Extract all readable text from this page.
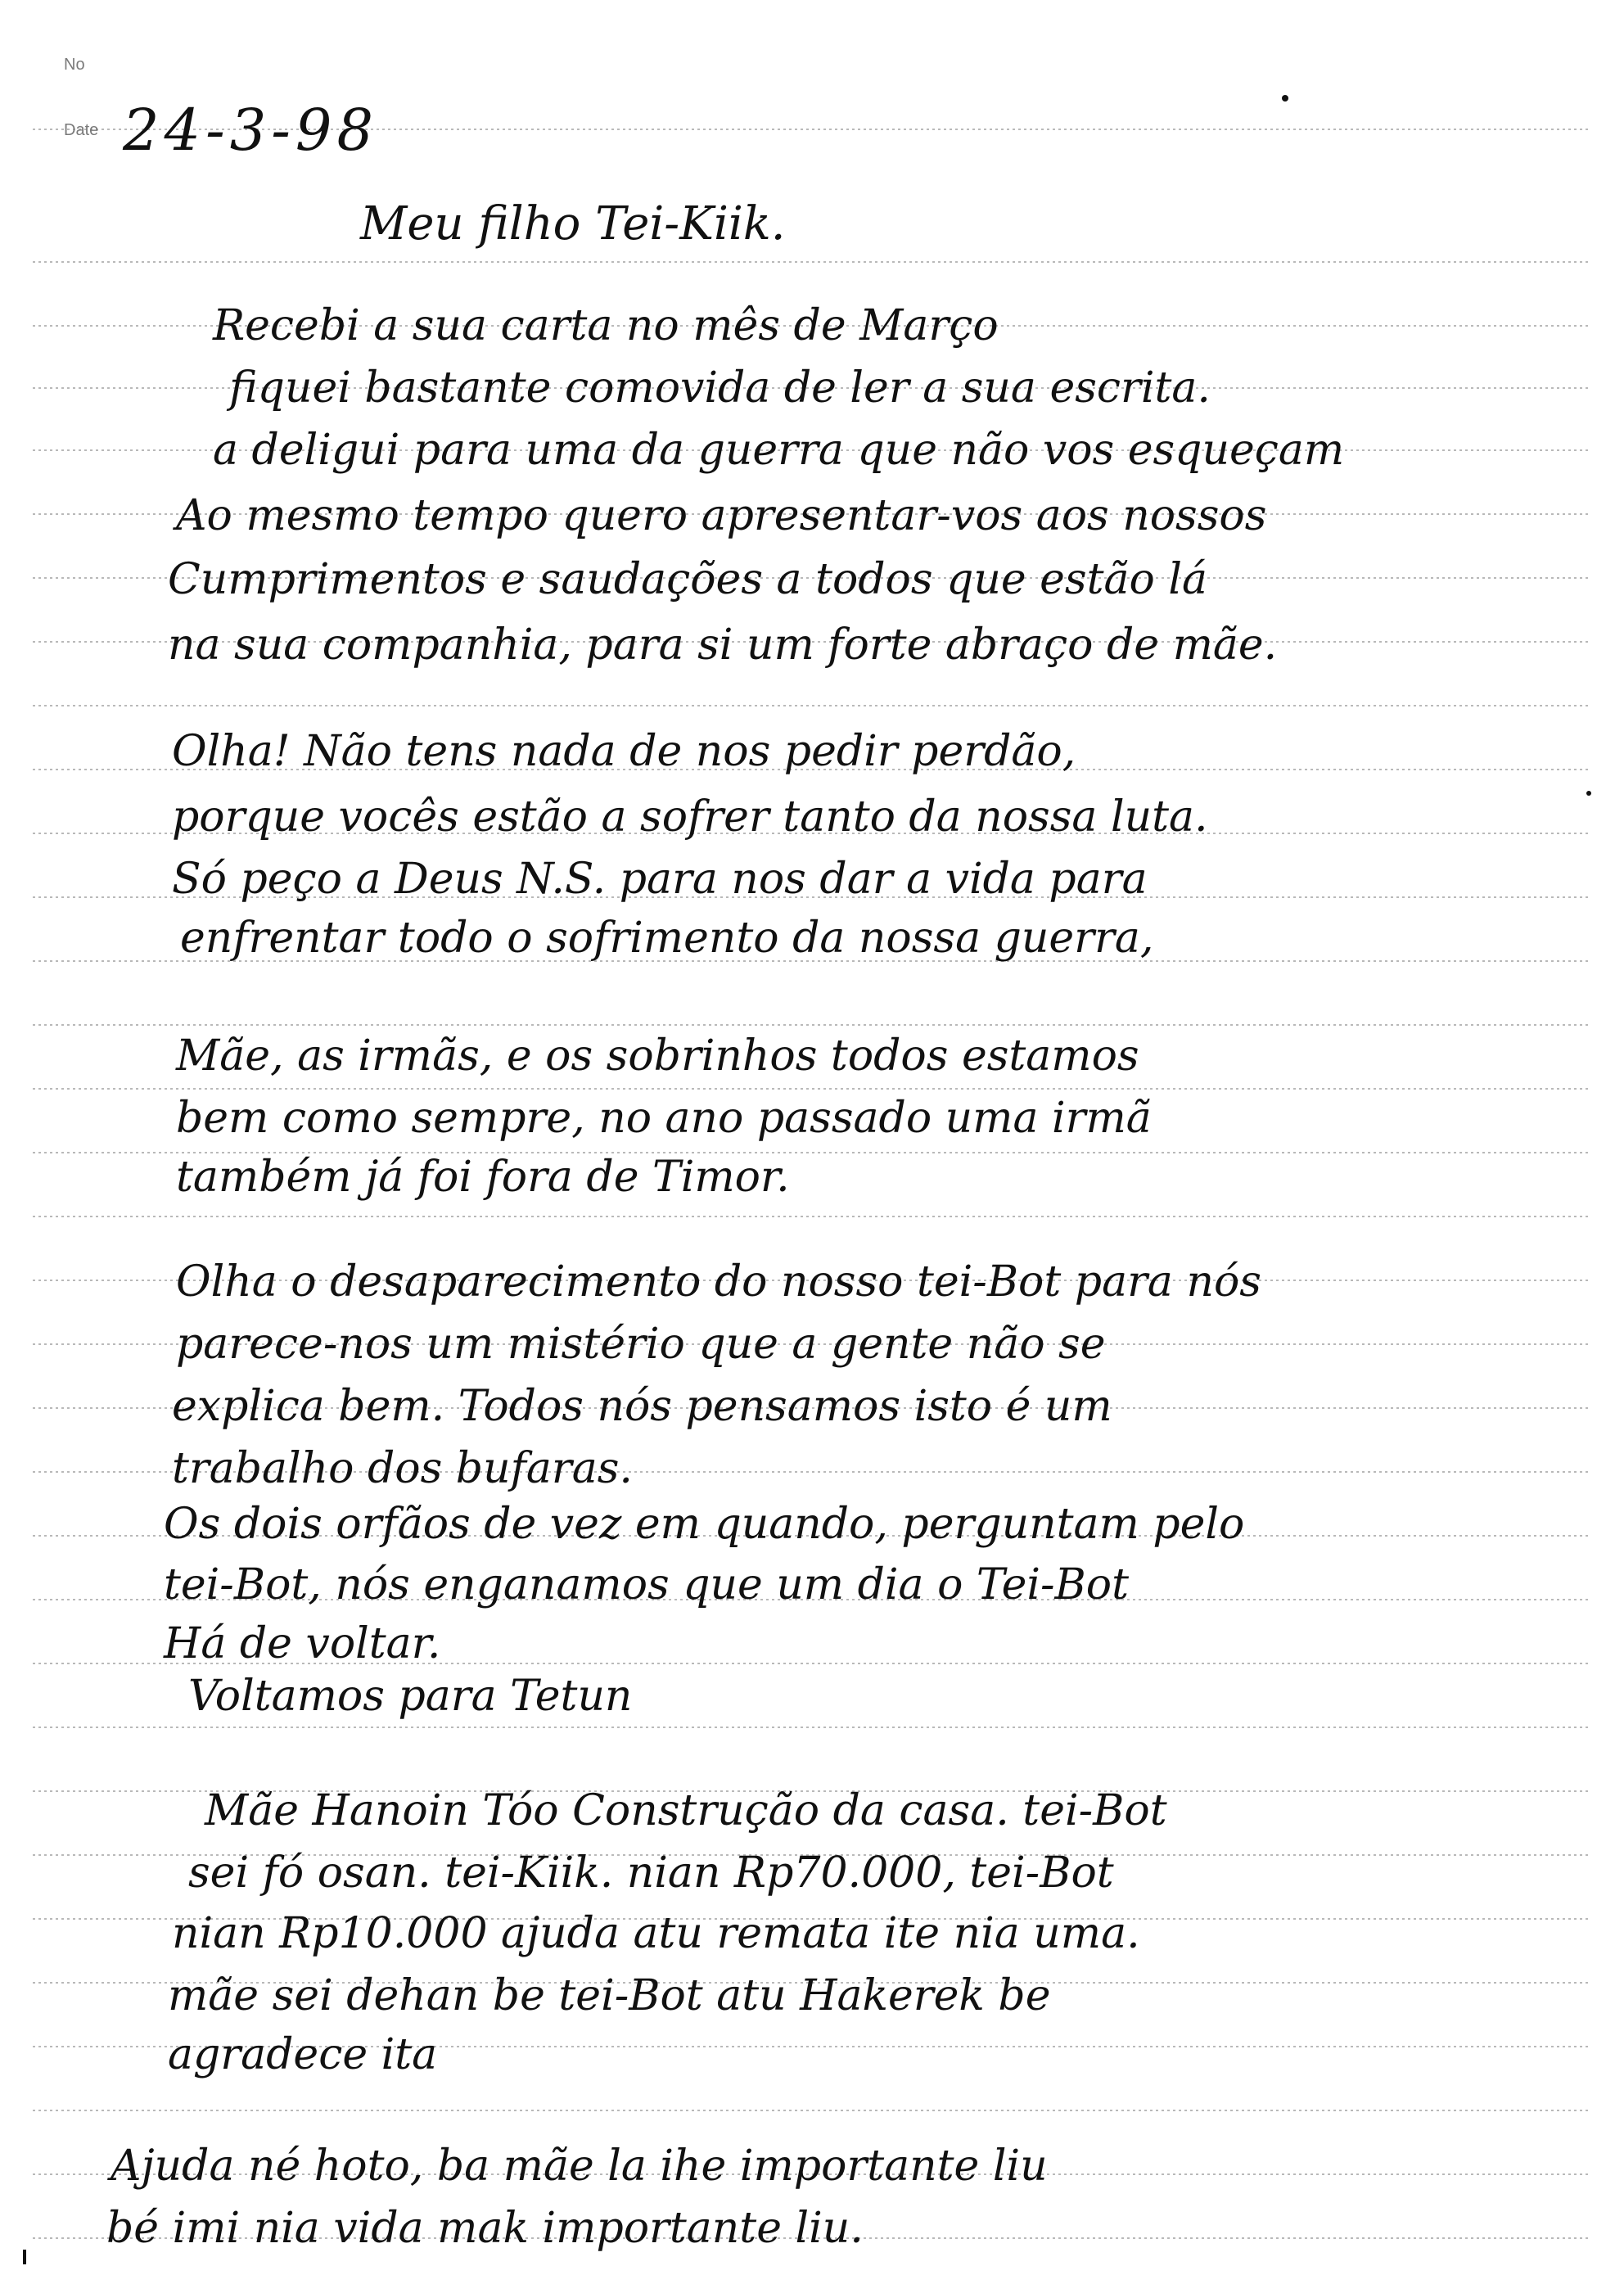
No
Date 24-3-98
Meu filho Tei-Kiik.
Recebi a sua carta no mês de Março
fiquei bastante comovida de ler a sua escrita.
a deligui para uma da guerra que não vos esqueçam
Ao mesmo tempo quero apresentar-vos aos nossos
Cumprimentos e saudações a todos que estão lá
na sua companhia, para si um forte abraço de mãe.
Olha! Não tens nada de nos pedir perdão,
porque vocês estão a sofrer tanto da nossa luta.
Só peço a Deus N.S. para nos dar a vida para
enfrentar todo o sofrimento da nossa guerra,
Mãe, as irmãs, e os sobrinhos todos estamos
bem como sempre, no ano passado uma irmã
também já foi fora de Timor.
Olha o desaparecimento do nosso tei-Bot para nós
parece-nos um mistério que a gente não se
explica bem. Todos nós pensamos isto é um
trabalho dos bufaras.
Os dois orfãos de vez em quando, perguntam pelo
tei-Bot, nós enganamos que um dia o Tei-Bot
Há de voltar.
Voltamos para Tetun
Mãe Hanoin Tóo Construção da casa. tei-Bot
sei fó osan. tei-Kiik. nian Rp70.000, tei-Bot
nian Rp10.000 ajuda atu remata ite nia uma.
mãe sei dehan be tei-Bot atu Hakerek be
agradece ita
Ajuda né hoto, ba mãe la ihe importante liu
bé imi nia vida mak importante liu.
